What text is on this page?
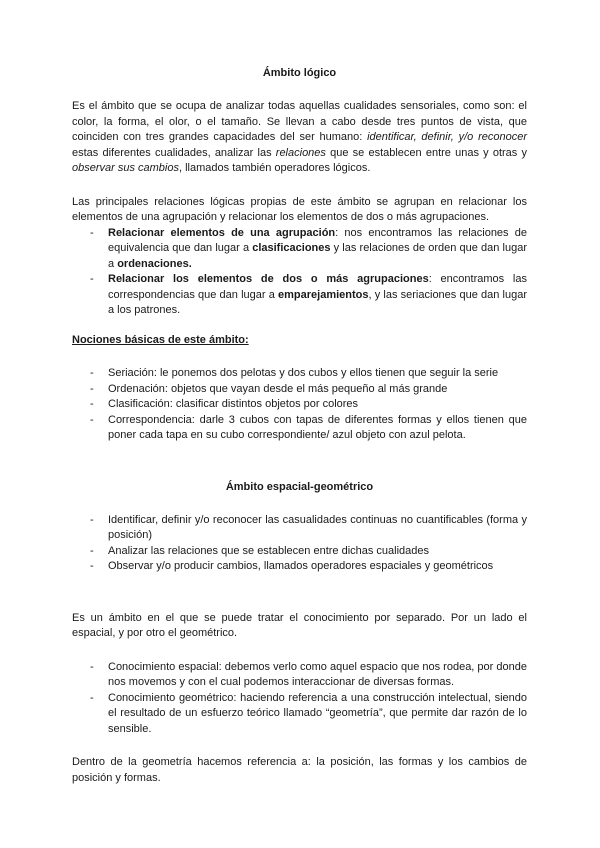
Ámbito lógico

Es el ámbito que se ocupa de analizar todas aquellas cualidades sensoriales, como son: el color, la forma, el olor, o el tamaño. Se llevan a cabo desde tres puntos de vista, que coinciden con tres grandes capacidades del ser humano: identificar, definir, y/o reconocer estas diferentes cualidades, analizar las relaciones que se establecen entre unas y otras y observar sus cambios, llamados también operadores lógicos.

Las principales relaciones lógicas propias de este ámbito se agrupan en relacionar los elementos de una agrupación y relacionar los elementos de dos o más agrupaciones.

- Relacionar elementos de una agrupación: nos encontramos las relaciones de equivalencia que dan lugar a clasificaciones y las relaciones de orden que dan lugar a ordenaciones.
- Relacionar los elementos de dos o más agrupaciones: encontramos las correspondencias que dan lugar a emparejamientos, y las seriaciones que dan lugar a los patrones.

Nociones básicas de este ámbito:

- Seriación: le ponemos dos pelotas y dos cubos y ellos tienen que seguir la serie
- Ordenación: objetos que vayan desde el más pequeño al más grande
- Clasificación: clasificar distintos objetos por colores
- Correspondencia: darle 3 cubos con tapas de diferentes formas y ellos tienen que poner cada tapa en su cubo correspondiente/ azul objeto con azul pelota.
Ámbito espacial-geométrico
- Identificar, definir y/o reconocer las casualidades continuas no cuantificables (forma y posición)
- Analizar las relaciones que se establecen entre dichas cualidades
- Observar y/o producir cambios, llamados operadores espaciales y geométricos

Es un ámbito en el que se puede tratar el conocimiento por separado. Por un lado el espacial, y por otro el geométrico.

- Conocimiento espacial: debemos verlo como aquel espacio que nos rodea, por donde nos movemos y con el cual podemos interaccionar de diversas formas.
- Conocimiento geométrico: haciendo referencia a una construcción intelectual, siendo el resultado de un esfuerzo teórico llamado “geometría”, que permite dar razón de lo sensible.

Dentro de la geometría hacemos referencia a: la posición, las formas y los cambios de posición y formas.
